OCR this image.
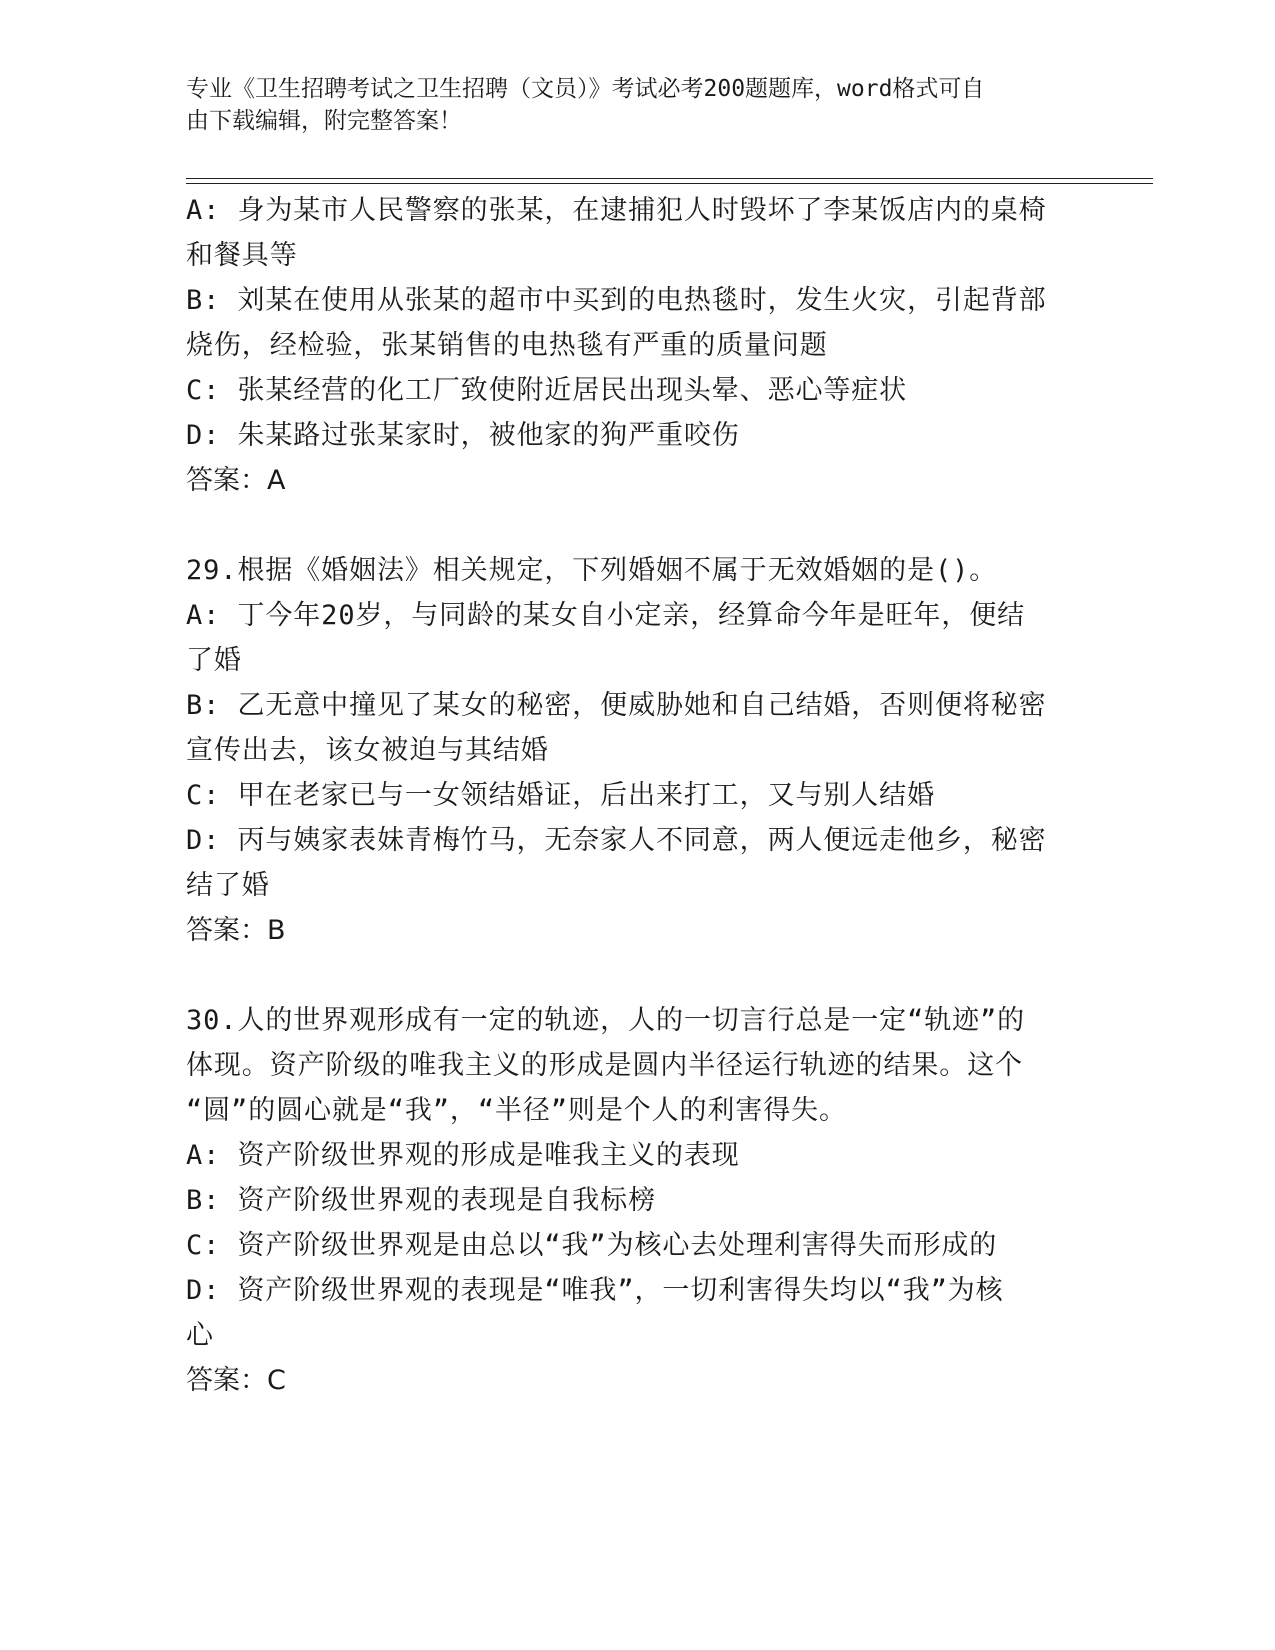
专业《卫生招聘考试之卫生招聘（文员）》考试必考200题题库，word格式可自
由下载编辑，附完整答案！
A: 身为某市人民警察的张某，在逮捕犯人时毁坏了李某饭店内的桌椅
和餐具等
B: 刘某在使用从张某的超市中买到的电热毯时，发生火灾，引起背部
烧伤，经检验，张某销售的电热毯有严重的质量问题
C: 张某经营的化工厂致使附近居民出现头晕、恶心等症状
D: 朱某路过张某家时，被他家的狗严重咬伤
答案：A
29.根据《婚姻法》相关规定，下列婚姻不属于无效婚姻的是()。
A: 丁今年20岁，与同龄的某女自小定亲，经算命今年是旺年，便结
了婚
B: 乙无意中撞见了某女的秘密，便威胁她和自己结婚，否则便将秘密
宣传出去，该女被迫与其结婚
C: 甲在老家已与一女领结婚证，后出来打工，又与别人结婚
D: 丙与姨家表妹青梅竹马，无奈家人不同意，两人便远走他乡，秘密
结了婚
答案：B
30.人的世界观形成有一定的轨迹，人的一切言行总是一定“轨迹”的
体现。资产阶级的唯我主义的形成是圆内半径运行轨迹的结果。这个
“圆”的圆心就是“我”，“半径”则是个人的利害得失。
A: 资产阶级世界观的形成是唯我主义的表现
B: 资产阶级世界观的表现是自我标榜
C: 资产阶级世界观是由总以“我”为核心去处理利害得失而形成的
D: 资产阶级世界观的表现是“唯我”，一切利害得失均以“我”为核
心
答案：C
